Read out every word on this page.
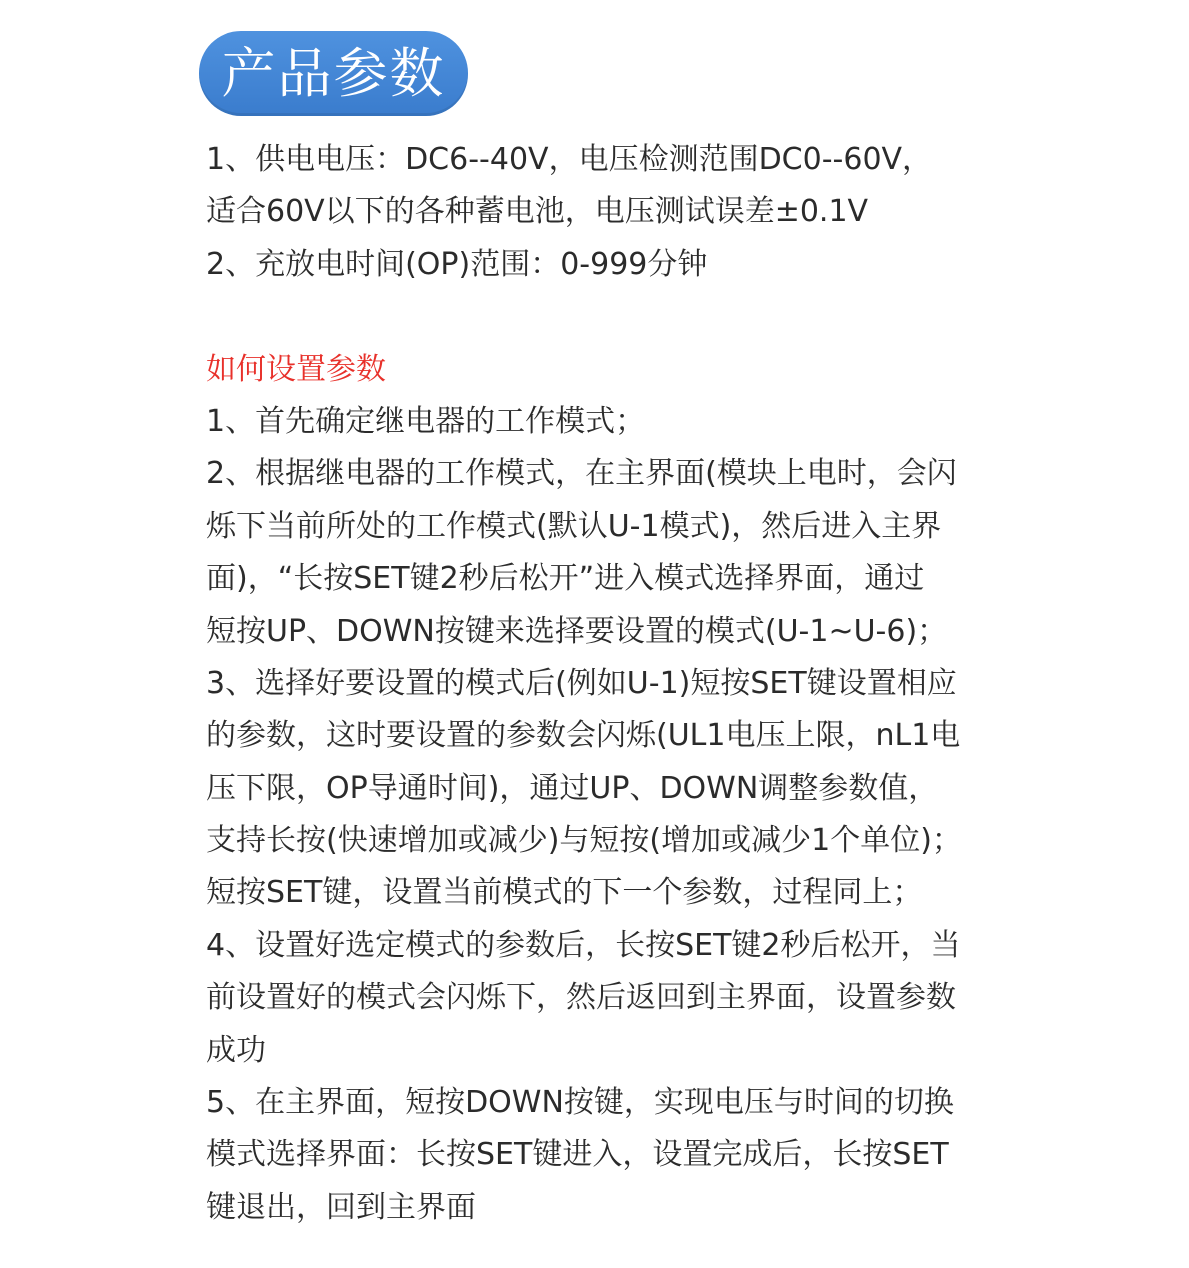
产品参数
1、供电电压：DC6--40V，电压检测范围DC0--60V，
适合60V以下的各种蓄电池，电压测试误差±0.1V
2、充放电时间(OP)范围：0-999分钟
如何设置参数
1、首先确定继电器的工作模式；
2、根据继电器的工作模式，在主界面(模块上电时，会闪
烁下当前所处的工作模式(默认U-1模式)，然后进入主界
面)，“长按SET键2秒后松开”进入模式选择界面，通过
短按UP、DOWN按键来选择要设置的模式(U-1~U-6)；
3、选择好要设置的模式后(例如U-1)短按SET键设置相应
的参数，这时要设置的参数会闪烁(UL1电压上限，nL1电
压下限，OP导通时间)，通过UP、DOWN调整参数值，
支持长按(快速增加或减少)与短按(增加或减少1个单位)；
短按SET键，设置当前模式的下一个参数，过程同上；
4、设置好选定模式的参数后，长按SET键2秒后松开，当
前设置好的模式会闪烁下，然后返回到主界面，设置参数
成功
5、在主界面，短按DOWN按键，实现电压与时间的切换
模式选择界面：长按SET键进入，设置完成后，长按SET
键退出，回到主界面
